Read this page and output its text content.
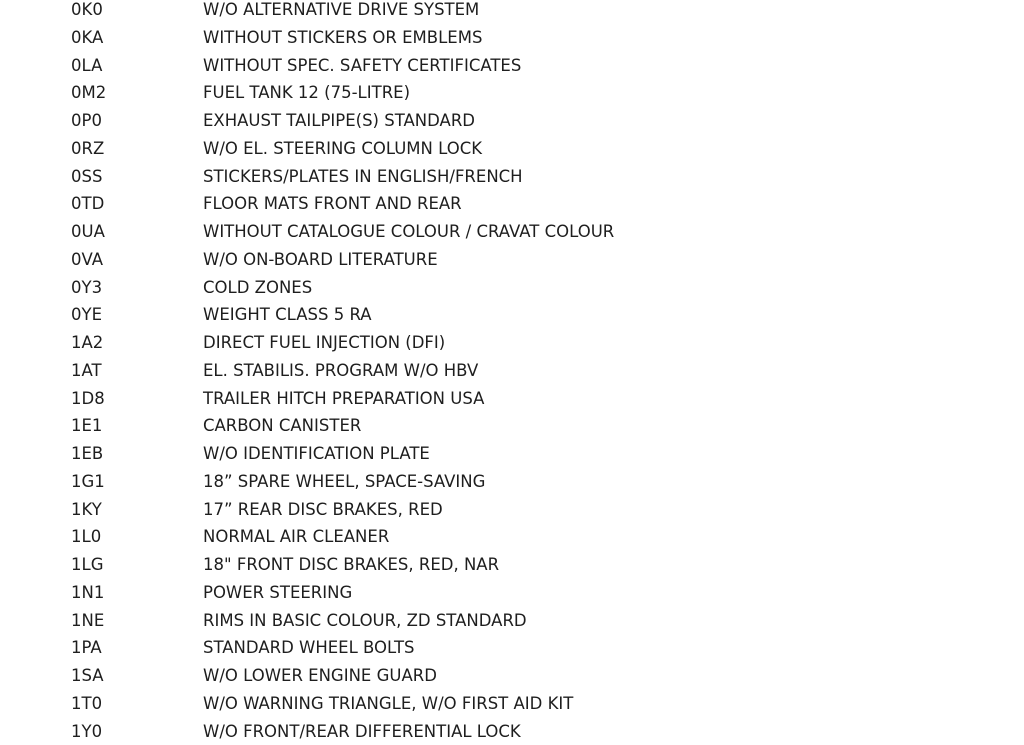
0K0	W/O ALTERNATIVE DRIVE SYSTEM
0KA	WITHOUT STICKERS OR EMBLEMS
0LA	WITHOUT SPEC. SAFETY CERTIFICATES
0M2	FUEL TANK 12 (75-LITRE)
0P0	EXHAUST TAILPIPE(S) STANDARD
0RZ	W/O EL. STEERING COLUMN LOCK
0SS	STICKERS/PLATES IN ENGLISH/FRENCH
0TD	FLOOR MATS FRONT AND REAR
0UA	WITHOUT CATALOGUE COLOUR / CRAVAT COLOUR
0VA	W/O ON-BOARD LITERATURE
0Y3	COLD ZONES
0YE	WEIGHT CLASS 5 RA
1A2	DIRECT FUEL INJECTION (DFI)
1AT	EL. STABILIS. PROGRAM W/O HBV
1D8	TRAILER HITCH PREPARATION USA
1E1	CARBON CANISTER
1EB	W/O IDENTIFICATION PLATE
1G1	18” SPARE WHEEL, SPACE-SAVING
1KY	17” REAR DISC BRAKES, RED
1L0	NORMAL AIR CLEANER
1LG	18" FRONT DISC BRAKES, RED, NAR
1N1	POWER STEERING
1NE	RIMS IN BASIC COLOUR, ZD STANDARD
1PA	STANDARD WHEEL BOLTS
1SA	W/O LOWER ENGINE GUARD
1T0	W/O WARNING TRIANGLE, W/O FIRST AID KIT
1Y0	W/O FRONT/REAR DIFFERENTIAL LOCK
